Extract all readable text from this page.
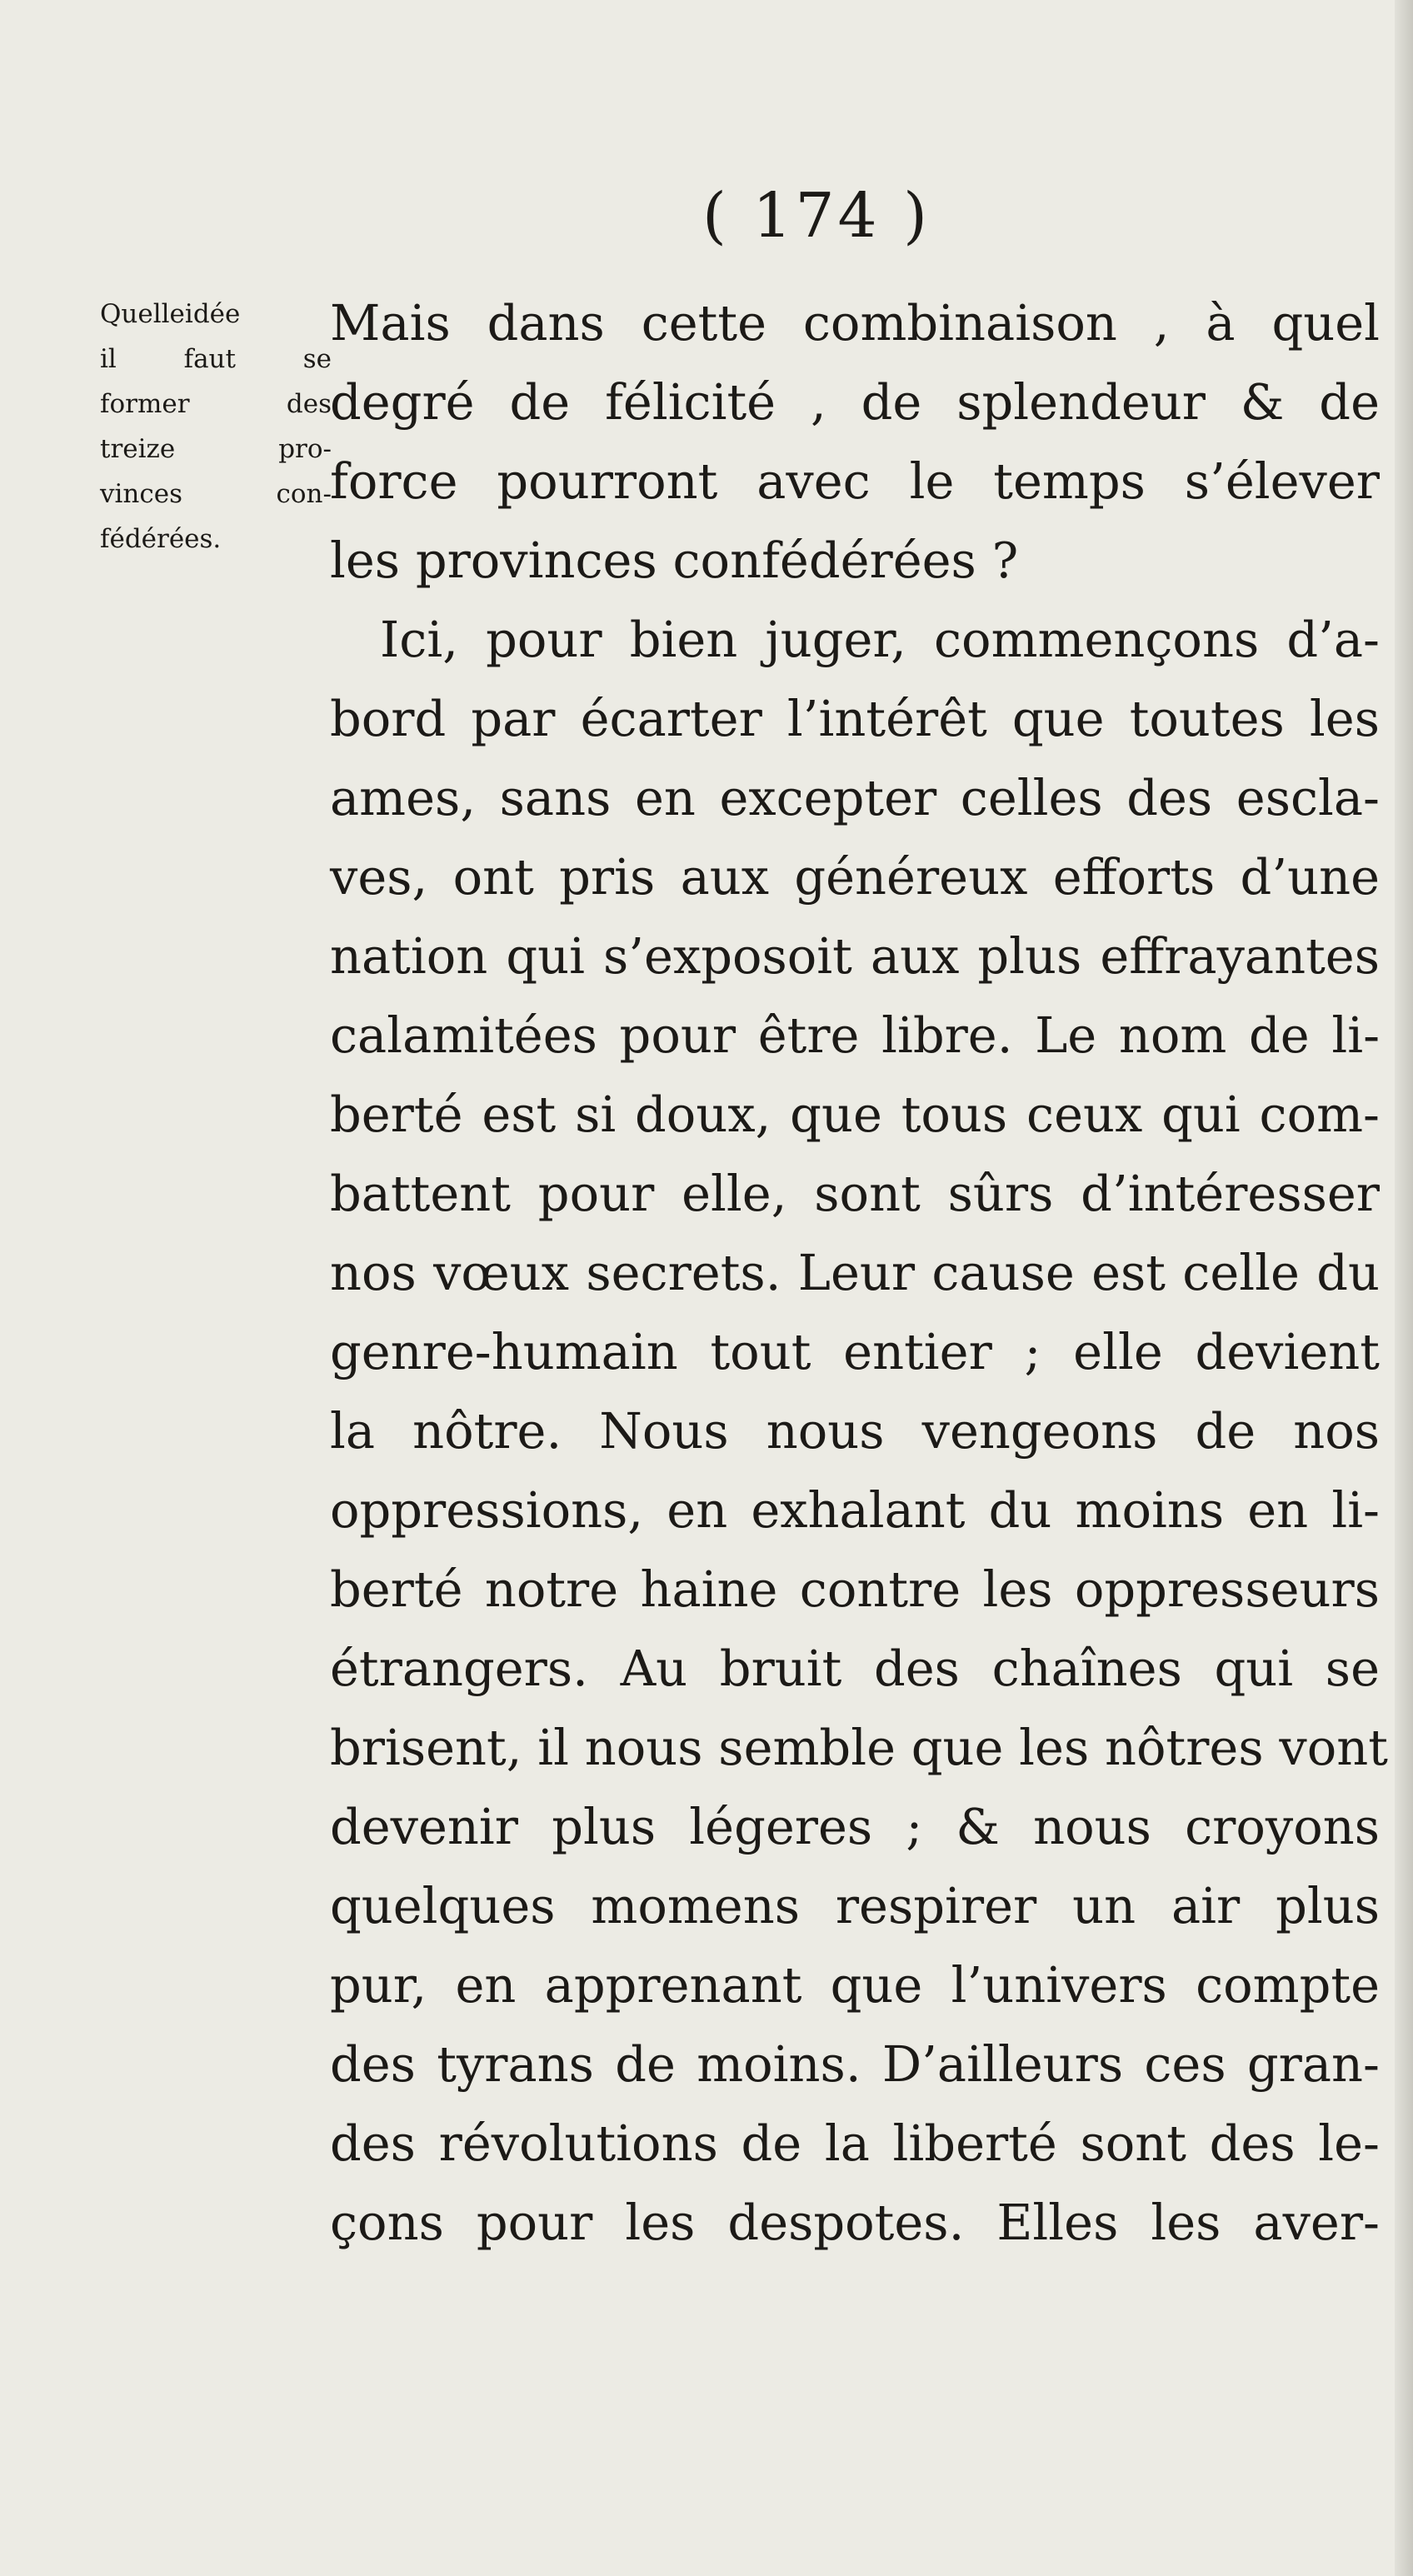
( 174 )
Quelleidée
il faut se
former des
treize pro-
vinces con-
fédérées.
Mais dans cette combinaison , à quel
degré de félicité , de splendeur & de
force pourront avec le temps s’élever
les provinces confédérées ?
Ici, pour bien juger, commençons d’a-
bord par écarter l’intérêt que toutes les
ames, sans en excepter celles des escla-
ves, ont pris aux généreux efforts d’une
nation qui s’exposoit aux plus effrayantes
calamitées pour être libre. Le nom de li-
berté est si doux, que tous ceux qui com-
battent pour elle, sont sûrs d’intéresser
nos vœux secrets. Leur cause est celle du
genre-humain tout entier ; elle devient
la nôtre. Nous nous vengeons de nos
oppressions, en exhalant du moins en li-
berté notre haine contre les oppresseurs
étrangers. Au bruit des chaînes qui se
brisent, il nous semble que les nôtres vont
devenir plus légeres ; & nous croyons
quelques momens respirer un air plus
pur, en apprenant que l’univers compte
des tyrans de moins. D’ailleurs ces gran-
des révolutions de la liberté sont des le-
çons pour les despotes. Elles les aver-
